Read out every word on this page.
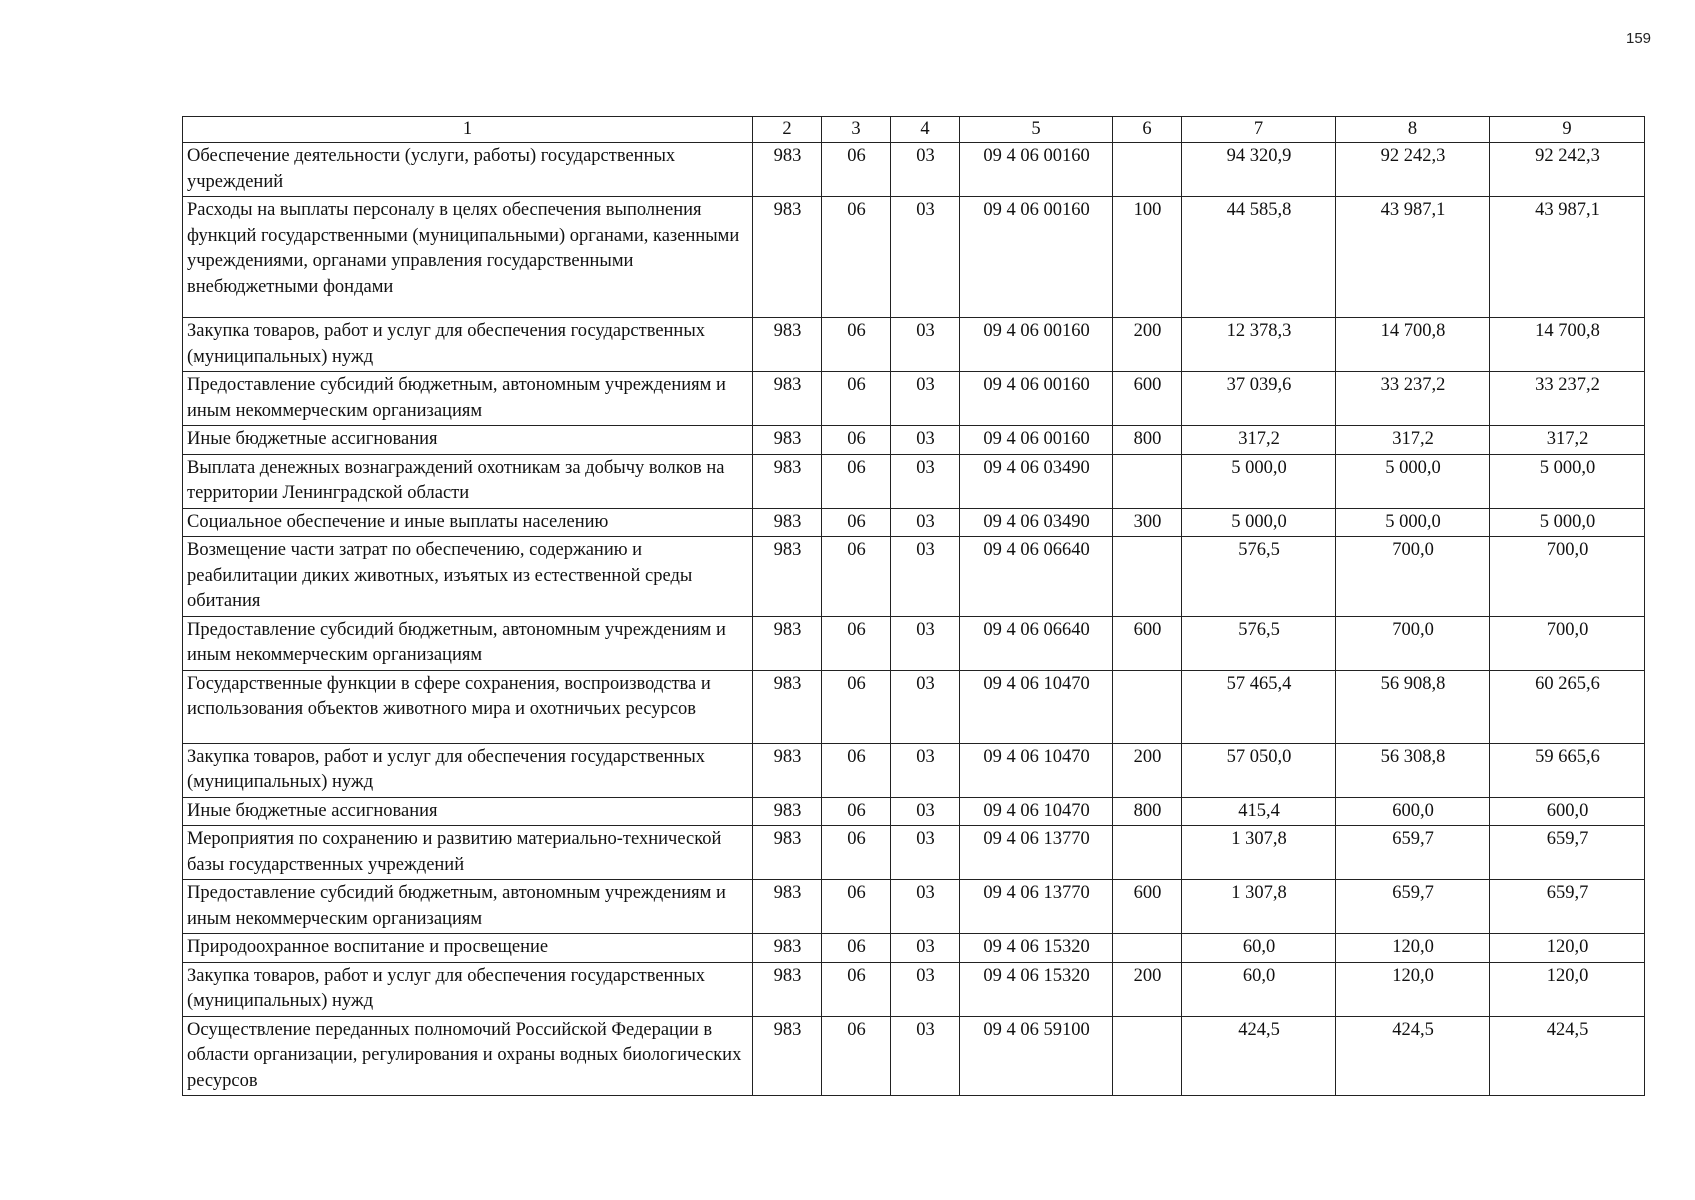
159
1	2	3	4	5	6	7	8	9
Обеспечение деятельности (услуги, работы) государственных учреждений	983	06	03	09 4 06 00160		94 320,9	92 242,3	92 242,3
Расходы на выплаты персоналу в целях обеспечения выполнения функций государственными (муниципальными) органами, казенными учреждениями, органами управления государственными внебюджетными фондами	983	06	03	09 4 06 00160	100	44 585,8	43 987,1	43 987,1
Закупка товаров, работ и услуг для обеспечения государственных (муниципальных) нужд	983	06	03	09 4 06 00160	200	12 378,3	14 700,8	14 700,8
Предоставление субсидий бюджетным, автономным учреждениям и иным некоммерческим организациям	983	06	03	09 4 06 00160	600	37 039,6	33 237,2	33 237,2
Иные бюджетные ассигнования	983	06	03	09 4 06 00160	800	317,2	317,2	317,2
Выплата денежных вознаграждений охотникам за добычу волков на территории Ленинградской области	983	06	03	09 4 06 03490		5 000,0	5 000,0	5 000,0
Социальное обеспечение и иные выплаты населению	983	06	03	09 4 06 03490	300	5 000,0	5 000,0	5 000,0
Возмещение части затрат по обеспечению, содержанию и реабилитации диких животных, изъятых из естественной среды обитания	983	06	03	09 4 06 06640		576,5	700,0	700,0
Предоставление субсидий бюджетным, автономным учреждениям и иным некоммерческим организациям	983	06	03	09 4 06 06640	600	576,5	700,0	700,0
Государственные функции в сфере сохранения, воспроизводства и использования объектов животного мира и охотничьих ресурсов	983	06	03	09 4 06 10470		57 465,4	56 908,8	60 265,6
Закупка товаров, работ и услуг для обеспечения государственных (муниципальных) нужд	983	06	03	09 4 06 10470	200	57 050,0	56 308,8	59 665,6
Иные бюджетные ассигнования	983	06	03	09 4 06 10470	800	415,4	600,0	600,0
Мероприятия по сохранению и развитию материально-технической базы государственных учреждений	983	06	03	09 4 06 13770		1 307,8	659,7	659,7
Предоставление субсидий бюджетным, автономным учреждениям и иным некоммерческим организациям	983	06	03	09 4 06 13770	600	1 307,8	659,7	659,7
Природоохранное воспитание и просвещение	983	06	03	09 4 06 15320		60,0	120,0	120,0
Закупка товаров, работ и услуг для обеспечения государственных (муниципальных) нужд	983	06	03	09 4 06 15320	200	60,0	120,0	120,0
Осуществление переданных полномочий Российской Федерации в области организации, регулирования и охраны водных биологических ресурсов	983	06	03	09 4 06 59100		424,5	424,5	424,5
